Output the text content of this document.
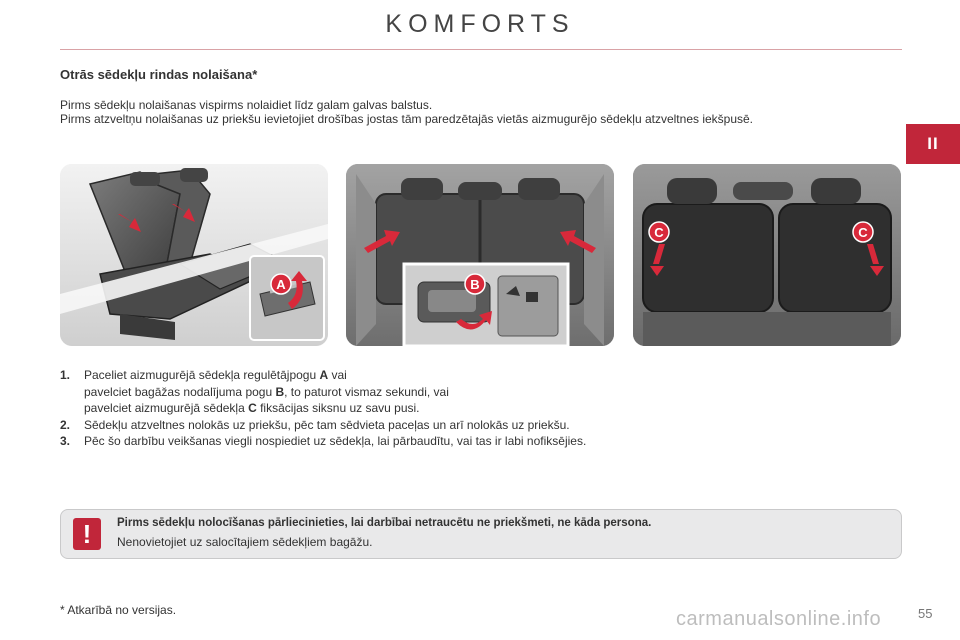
KOMFORTS
II
Otrās sēdekļu rindas nolaišana*

Pirms sēdekļu nolaišanas vispirms nolaidiet līdz galam galvas balstus.

Pirms atzveltņu nolaišanas uz priekšu ievietojiet drošības jostas tām paredzētajās vietās aizmugurējo sēdekļu atzveltnes iekšpusē.

A	B
C	C
1.	Paceliet aizmugurējā sēdekļa regulētājpogu A vai
pavelciet bagāžas nodalījuma pogu B, to paturot vismaz sekundi, vai
pavelciet aizmugurējā sēdekļa C fiksācijas siksnu uz savu pusi.
2.	Sēdekļu atzveltnes nolokās uz priekšu, pēc tam sēdvieta paceļas un arī nolokās uz priekšu.
3.	Pēc šo darbību veikšanas viegli nospiediet uz sēdekļa, lai pārbaudītu, vai tas ir labi nofiksējies.
!	Pirms sēdekļu nolocīšanas pārliecinieties, lai darbībai netraucētu ne priekšmeti, ne kāda persona.
Nenovietojiet uz salocītajiem sēdekļiem bagāžu.
* Atkarībā no versijas.	carmanualsonline.info	55
